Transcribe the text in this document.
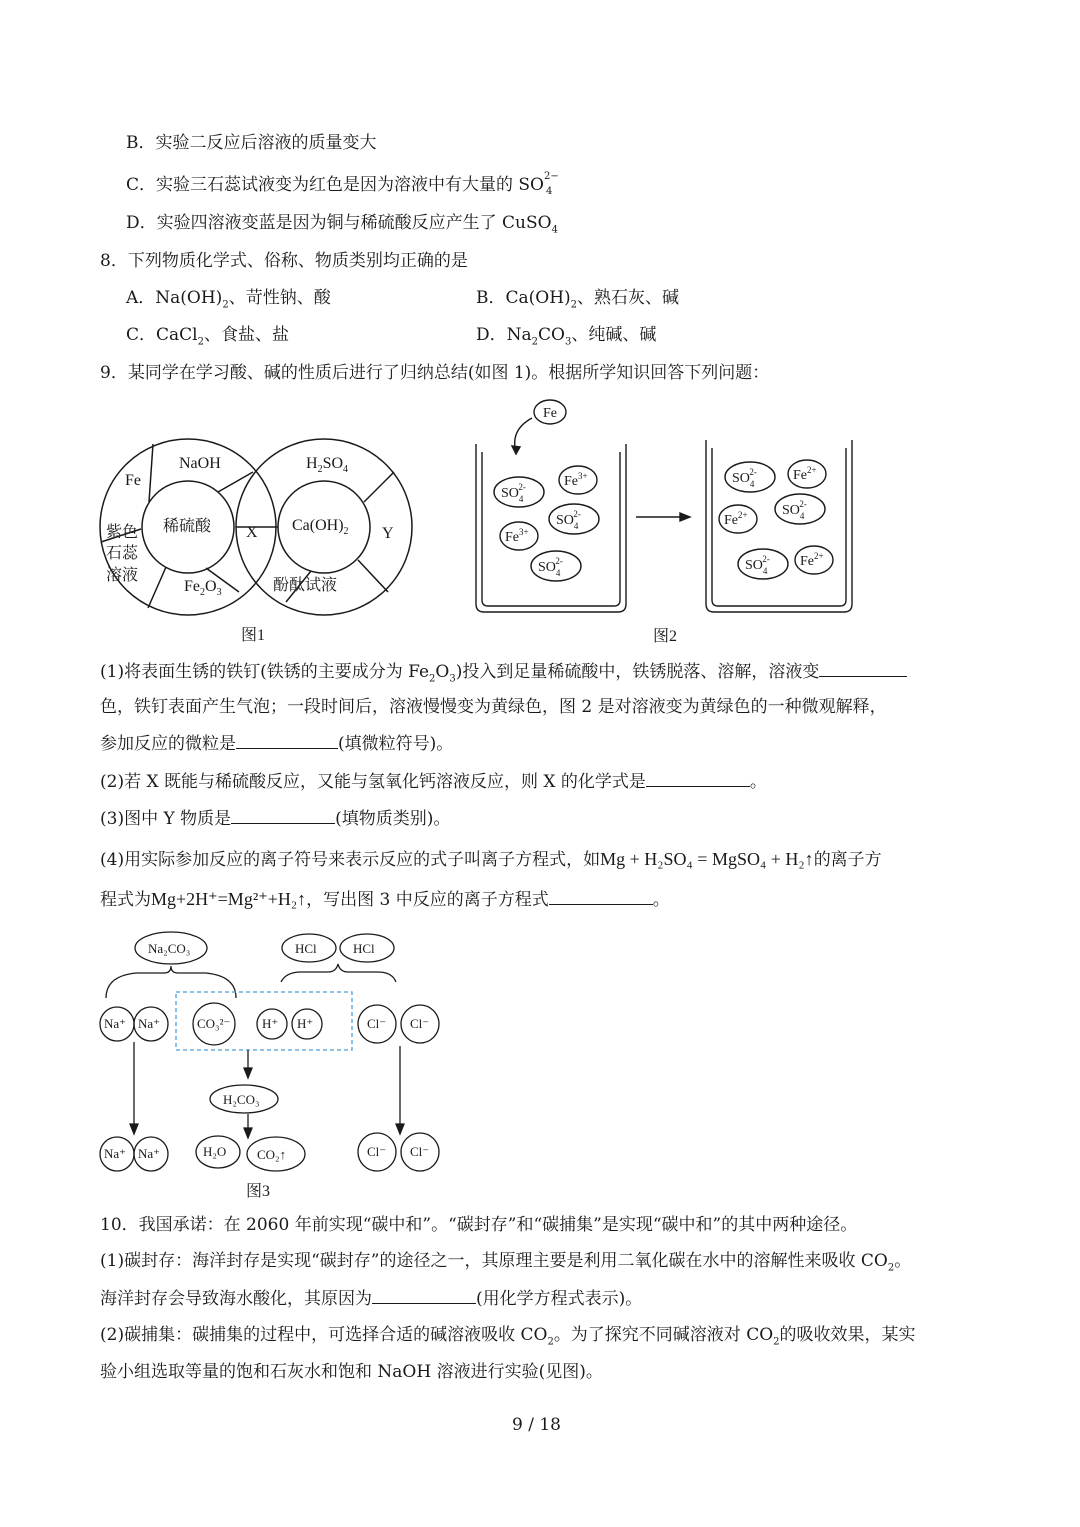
B．实验二反应后溶液的质量变大
C．实验三石蕊试液变为红色是因为溶液中有大量的 SO 2−
4
D．实验四溶液变蓝是因为铜与稀硫酸反应产生了 CuSO$_4$
8．下列物质化学式、俗称、物质类别均正确的是
A．$Na(OH)_2$、苛性钠、酸	B．$Ca(OH)_2$、熟石灰、碱
C．CaCl$_2$、食盐、盐	D．$Na_2CO_3$、纯碱、碱
9．某同学在学习酸、碱的性质后进行了归纳总结(如图 1)。根据所学知识回答下列问题：
Fe
NaOH
稀硫酸
紫色
石蕊
溶液
$Fe_2O_3$
X
$H_2SO_4$
$Ca(OH)_2$ Y
酚酞试液
图1
Fe
$SO_42-$	$Fe^{3+}$
$SO_42-$
$Fe^{3+}$
$SO_42-$
$SO_42-$	$Fe^{2+}$
$Fe^{2+}$ $SO_42-$
$SO_42-$ $Fe^{2+}$
图2
(1)将表面生锈的铁钉(铁锈的主要成分为 $Fe_2O_3$)投入到足量稀硫酸中，铁锈脱落、溶解，溶液变
色，铁钉表面产生气泡；一段时间后，溶液慢慢变为黄绿色，图 2 是对溶液变为黄绿色的一种微观解释，
参加反应的微粒是	(填微粒符号)。
(2)若 X 既能与稀硫酸反应，又能与氢氧化钙溶液反应，则 X 的化学式是	。
(3)图中 Y 物质是	(填物质类别)。
(4)用实际参加反应的离子符号来表示反应的式子叫离子方程式，如Mg + H₂SO₄ = MgSO₄ + H₂↑的离子方
程式为Mg+2H⁺=Mg²⁺+H₂↑，写出图 3 中反应的离子方程式	。
Na₂CO₃	HCl	HCl
Na⁺ Na⁺	CO₃²⁻ H⁺ H⁺	Cl⁻ Cl⁻
H₂CO₃
Na⁺ Na⁺	H₂O CO₂↑	Cl⁻ Cl⁻
图3
10．我国承诺：在 2060 年前实现“碳中和”。“碳封存”和“碳捕集”是实现“碳中和”的其中两种途径。
(1)碳封存：海洋封存是实现“碳封存”的途径之一，其原理主要是利用二氧化碳在水中的溶解性来吸收 $CO_2$。
海洋封存会导致海水酸化，其原因为	(用化学方程式表示)。
(2)碳捕集：碳捕集的过程中，可选择合适的碱溶液吸收 $CO_2$。为了探究不同碱溶液对 $CO_2$的吸收效果，某实
验小组选取等量的饱和石灰水和饱和 NaOH 溶液进行实验(见图)。
9 / 18
